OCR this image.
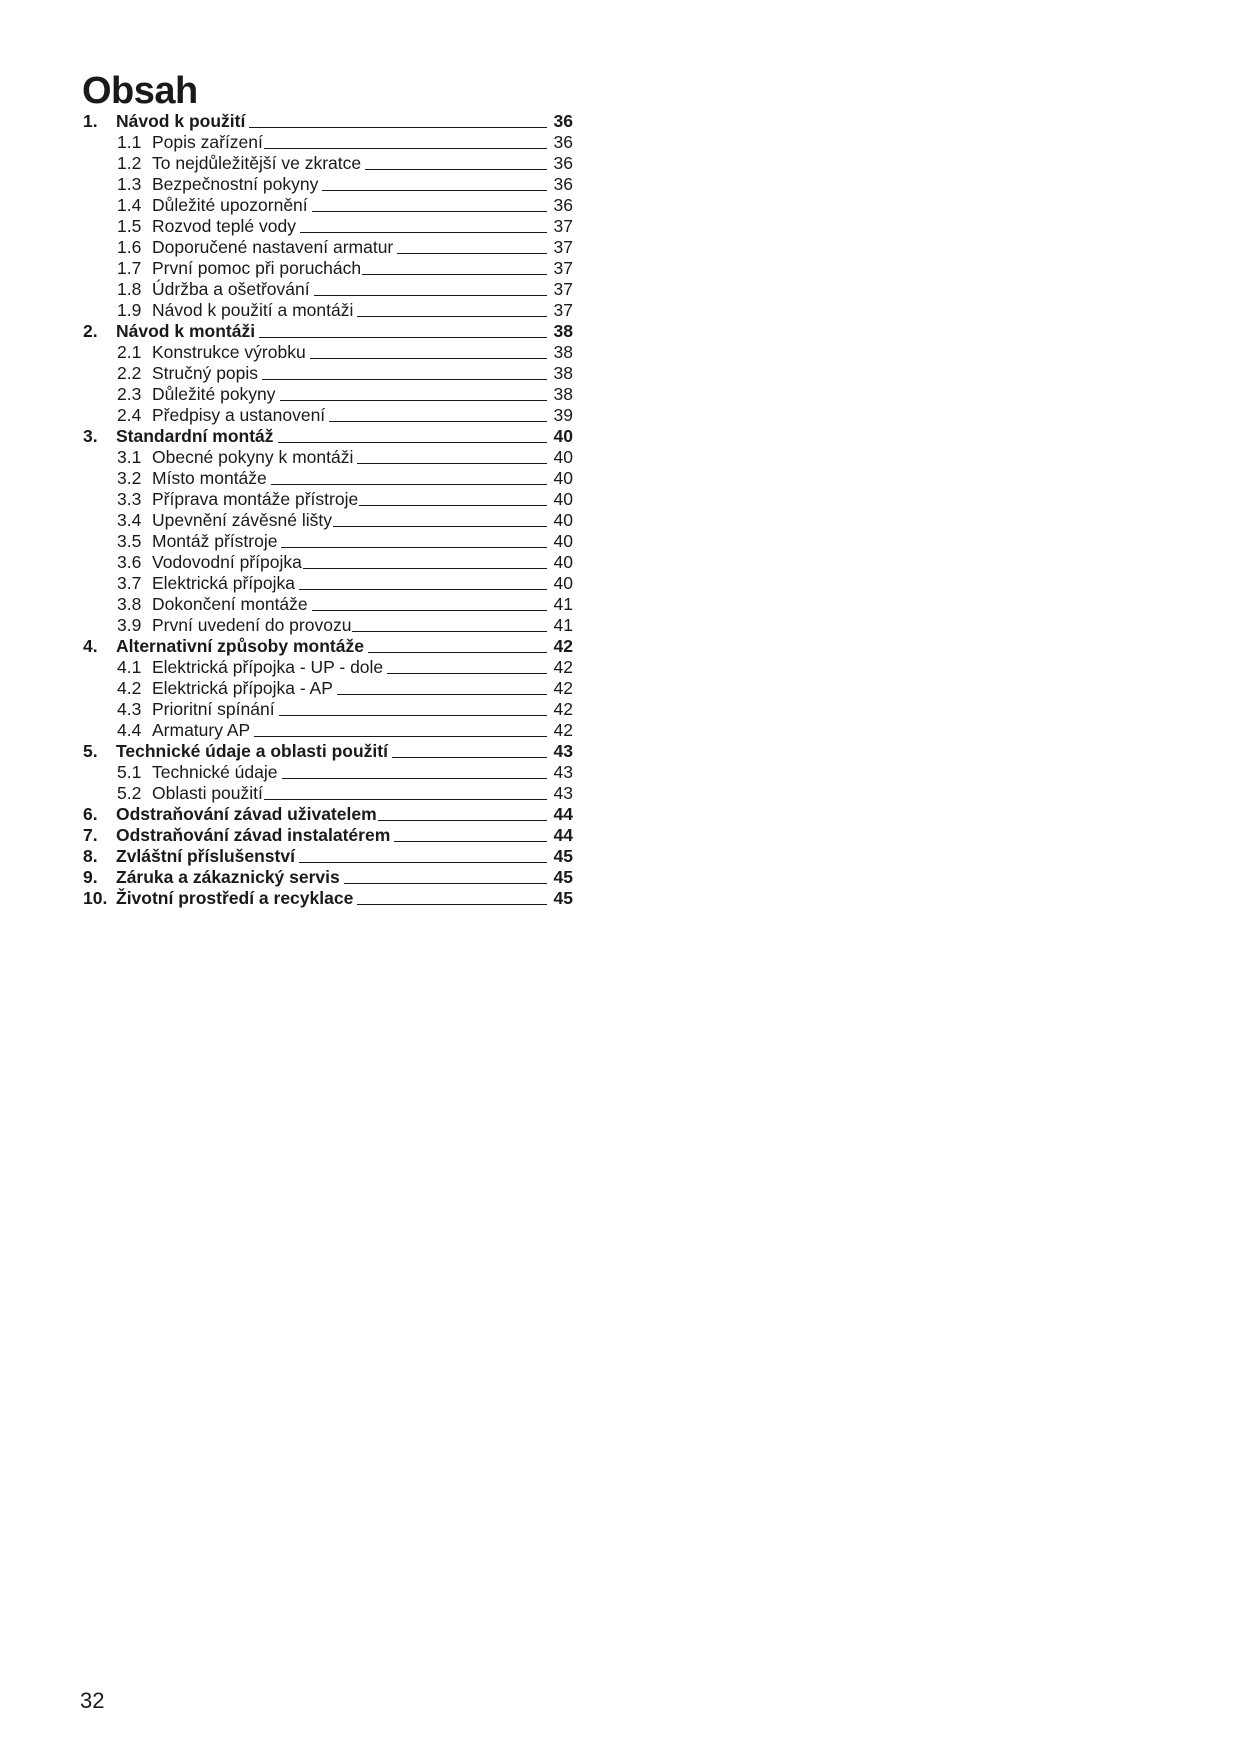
Obsah
1.	Návod k použití	36
1.1 Popis zařízení	36
1.2 To nejdůležitější ve zkratce	36
1.3 Bezpečnostní pokyny	36
1.4 Důležité upozornění	36
1.5 Rozvod teplé vody	37
1.6 Doporučené nastavení armatur	37
1.7 První pomoc při poruchách	37
1.8 Údržba a ošetřování	37
1.9 Návod k použití a montáži	37
2.	Návod k montáži	38
2.1 Konstrukce výrobku	38
2.2 Stručný popis	38
2.3 Důležité pokyny	38
2.4 Předpisy a ustanovení	39
3.	Standardní montáž	40
3.1 Obecné pokyny k montáži	40
3.2 Místo montáže	40
3.3 Příprava montáže přístroje	40
3.4 Upevnění závěsné lišty	40
3.5 Montáž přístroje	40
3.6 Vodovodní přípojka	40
3.7 Elektrická přípojka	40
3.8 Dokončení montáže	41
3.9 První uvedení do provozu	41
4.	Alternativní způsoby montáže	42
4.1 Elektrická přípojka - UP - dole	42
4.2 Elektrická přípojka - AP	42
4.3 Prioritní spínání	42
4.4 Armatury AP	42
5.	Technické údaje a oblasti použití	43
5.1 Technické údaje	43
5.2 Oblasti použití	43
6.	Odstraňování závad uživatelem	44
7.	Odstraňování závad instalatérem	44
8.	Zvláštní příslušenství	45
9.	Záruka a zákaznický servis	45
10. Životní prostředí a recyklace	45
32
